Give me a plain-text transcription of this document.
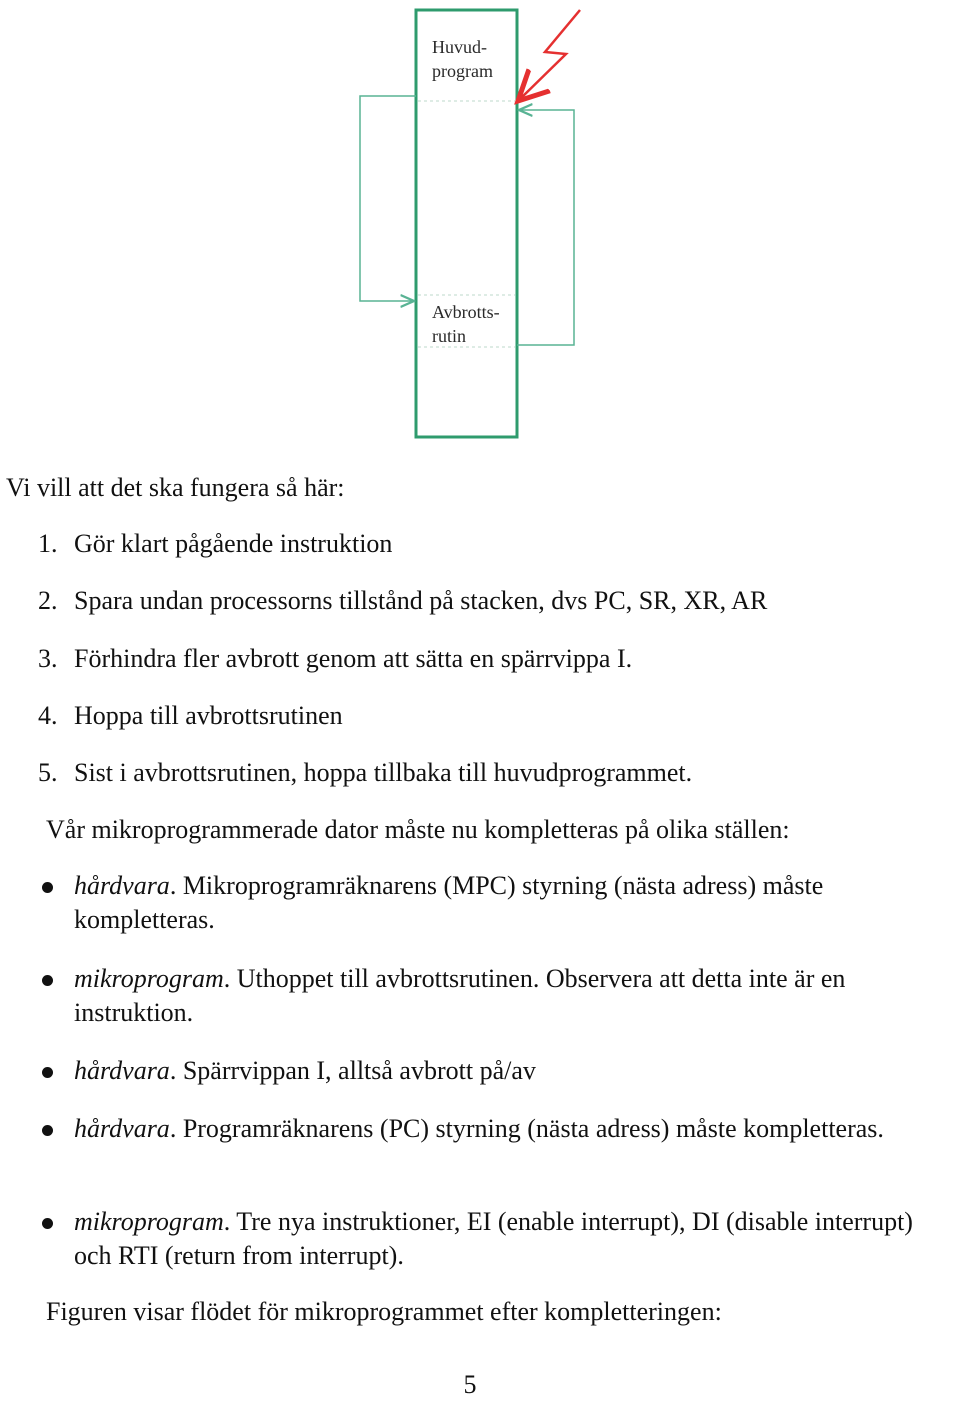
Huvud-
program
Avbrotts-
rutin
Vi vill att det ska fungera så här:
1. Gör klart pågående instruktion
2. Spara undan processorns tillstånd på stacken, dvs PC, SR, XR, AR
3. Förhindra fler avbrott genom att sätta en spärrvippa I.
4. Hoppa till avbrottsrutinen
5. Sist i avbrottsrutinen, hoppa tillbaka till huvudprogrammet.
Vår mikroprogrammerade dator måste nu kompletteras på olika ställen:
hårdvara. Mikroprogramräknarens (MPC) styrning (nästa adress) måste kompletteras.
mikroprogram. Uthoppet till avbrottsrutinen. Observera att detta inte är en instruktion.
hårdvara. Spärrvippan I, alltså avbrott på/av
hårdvara. Programräknarens (PC) styrning (nästa adress) måste kompletteras.
mikroprogram. Tre nya instruktioner, EI (enable interrupt), DI (disable interrupt) och RTI (return from interrupt).
Figuren visar flödet för mikroprogrammet efter kompletteringen:
5
